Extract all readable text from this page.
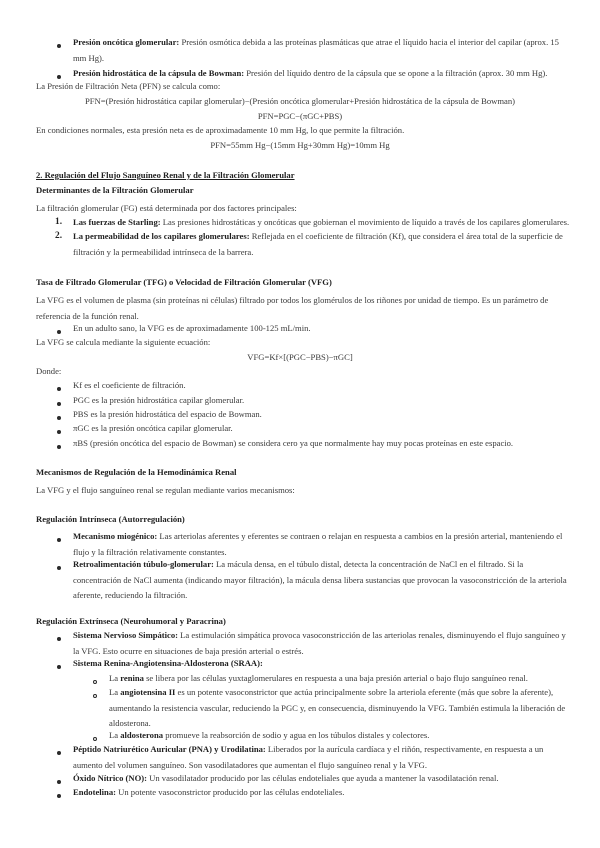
Presión oncótica glomerular: Presión osmótica debida a las proteínas plasmáticas que atrae el líquido hacia el interior del capilar (aprox. 15
mm Hg).
Presión hidrostática de la cápsula de Bowman: Presión del líquido dentro de la cápsula que se opone a la filtración (aprox. 30 mm Hg).
La Presión de Filtración Neta (PFN) se calcula como:
PFN=(Presión hidrostática capilar glomerular)−(Presión oncótica glomerular+Presión hidrostática de la cápsula de Bowman)
PFN=PGC−(πGC+PBS)
En condiciones normales, esta presión neta es de aproximadamente 10 mm Hg, lo que permite la filtración.
PFN=55mm Hg−(15mm Hg+30mm Hg)=10mm Hg
2. Regulación del Flujo Sanguíneo Renal y de la Filtración Glomerular
Determinantes de la Filtración Glomerular
La filtración glomerular (FG) está determinada por dos factores principales:
1. Las fuerzas de Starling: Las presiones hidrostáticas y oncóticas que gobiernan el movimiento de líquido a través de los capilares glomerulares.
2. La permeabilidad de los capilares glomerulares: Reflejada en el coeficiente de filtración (Kf), que considera el área total de la superficie de
filtración y la permeabilidad intrínseca de la barrera.
Tasa de Filtrado Glomerular (TFG) o Velocidad de Filtración Glomerular (VFG)
La VFG es el volumen de plasma (sin proteínas ni células) filtrado por todos los glomérulos de los riñones por unidad de tiempo. Es un parámetro de
referencia de la función renal.
En un adulto sano, la VFG es de aproximadamente 100-125 mL/min.
La VFG se calcula mediante la siguiente ecuación:
VFG=Kf×[(PGC−PBS)−πGC]
Donde:
Kf es el coeficiente de filtración.
PGC es la presión hidrostática capilar glomerular.
PBS es la presión hidrostática del espacio de Bowman.
πGC es la presión oncótica capilar glomerular.
πBS (presión oncótica del espacio de Bowman) se considera cero ya que normalmente hay muy pocas proteínas en este espacio.
Mecanismos de Regulación de la Hemodinámica Renal
La VFG y el flujo sanguíneo renal se regulan mediante varios mecanismos:
Regulación Intrínseca (Autorregulación)
Mecanismo miogénico: Las arteriolas aferentes y eferentes se contraen o relajan en respuesta a cambios en la presión arterial, manteniendo el
flujo y la filtración relativamente constantes.
Retroalimentación túbulo-glomerular: La mácula densa, en el túbulo distal, detecta la concentración de NaCl en el filtrado. Si la
concentración de NaCl aumenta (indicando mayor filtración), la mácula densa libera sustancias que provocan la vasoconstricción de la arteriola
aferente, reduciendo la filtración.
Regulación Extrínseca (Neurohumoral y Paracrina)
Sistema Nervioso Simpático: La estimulación simpática provoca vasoconstricción de las arteriolas renales, disminuyendo el flujo sanguíneo y
la VFG. Esto ocurre en situaciones de baja presión arterial o estrés.
Sistema Renina-Angiotensina-Aldosterona (SRAA):
La renina se libera por las células yuxtaglomerulares en respuesta a una baja presión arterial o bajo flujo sanguíneo renal.
La angiotensina II es un potente vasoconstrictor que actúa principalmente sobre la arteriola eferente (más que sobre la aferente),
aumentando la resistencia vascular, reduciendo la PGC y, en consecuencia, disminuyendo la VFG. También estimula la liberación de
aldosterona.
La aldosterona promueve la reabsorción de sodio y agua en los túbulos distales y colectores.
Péptido Natriurético Auricular (PNA) y Urodilatina: Liberados por la aurícula cardíaca y el riñón, respectivamente, en respuesta a un
aumento del volumen sanguíneo. Son vasodilatadores que aumentan el flujo sanguíneo renal y la VFG.
Óxido Nítrico (NO): Un vasodilatador producido por las células endoteliales que ayuda a mantener la vasodilatación renal.
Endotelina: Un potente vasoconstrictor producido por las células endoteliales.
